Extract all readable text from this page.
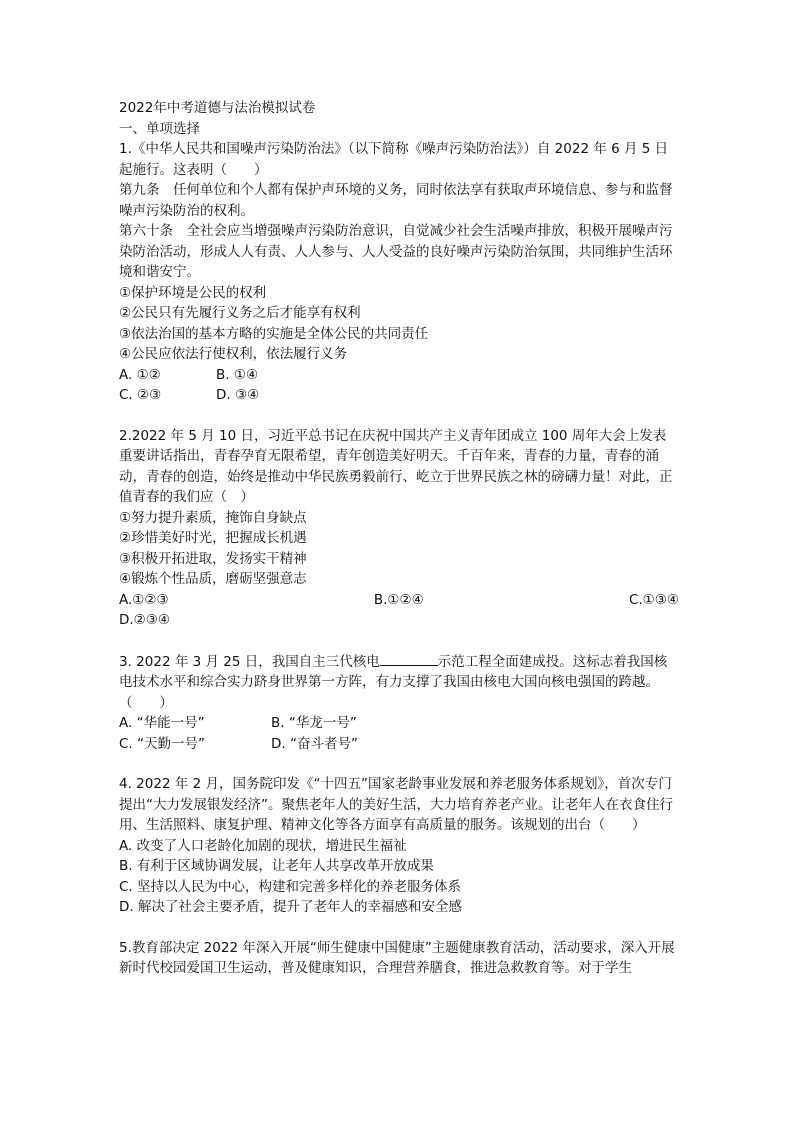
2022年中考道德与法治模拟试卷
一、单项选择
1.《中华人民共和国噪声污染防治法》（以下简称《噪声污染防治法》）自 2022 年 6 月 5 日起施行。这表明（　　）
第九条　任何单位和个人都有保护声环境的义务，同时依法享有获取声环境信息、参与和监督噪声污染防治的权利。
第六十条　全社会应当增强噪声污染防治意识，自觉减少社会生活噪声排放，积极开展噪声污染防治活动，形成人人有责、人人参与、人人受益的良好噪声污染防治氛围，共同维护生活环境和谐安宁。
①保护环境是公民的权利
②公民只有先履行义务之后才能享有权利
③依法治国的基本方略的实施是全体公民的共同责任
④公民应依法行使权利，依法履行义务
A. ①②	B. ①④
C. ②③	D. ③④
2.2022 年 5 月 10 日，习近平总书记在庆祝中国共产主义青年团成立 100 周年大会上发表重要讲话指出，青春孕育无限希望，青年创造美好明天。千百年来，青春的力量，青春的涌动，青春的创造，始终是推动中华民族勇毅前行、屹立于世界民族之林的磅礴力量！对此，正值青春的我们应（　）
①努力提升素质，掩饰自身缺点
②珍惜美好时光，把握成长机遇
③积极开拓进取，发扬实干精神
④锻炼个性品质，磨砺坚强意志
A.①②③	B.①②④	C.①③④
D.②③④
3. 2022 年 3 月 25 日，我国自主三代核电	示范工程全面建成投。这标志着我国核电技术水平和综合实力跻身世界第一方阵，有力支撑了我国由核电大国向核电强国的跨越。（　　）
A. “华能一号”	B. “华龙一号”
C. “天勤一号”	D. “奋斗者号”
4. 2022 年 2 月，国务院印发《“十四五”国家老龄事业发展和养老服务体系规划》，首次专门提出“大力发展银发经济”。聚焦老年人的美好生活，大力培育养老产业。让老年人在衣食住行用、生活照料、康复护理、精神文化等各方面享有高质量的服务。该规划的出台（　　）
A. 改变了人口老龄化加剧的现状，增进民生福祉
B. 有利于区域协调发展，让老年人共享改革开放成果
C. 坚持以人民为中心，构建和完善多样化的养老服务体系
D. 解决了社会主要矛盾，提升了老年人的幸福感和安全感
5.教育部决定 2022 年深入开展“师生健康中国健康”主题健康教育活动，活动要求，深入开展新时代校园爱国卫生运动，普及健康知识，合理营养膳食，推进急救教育等。对于学生
